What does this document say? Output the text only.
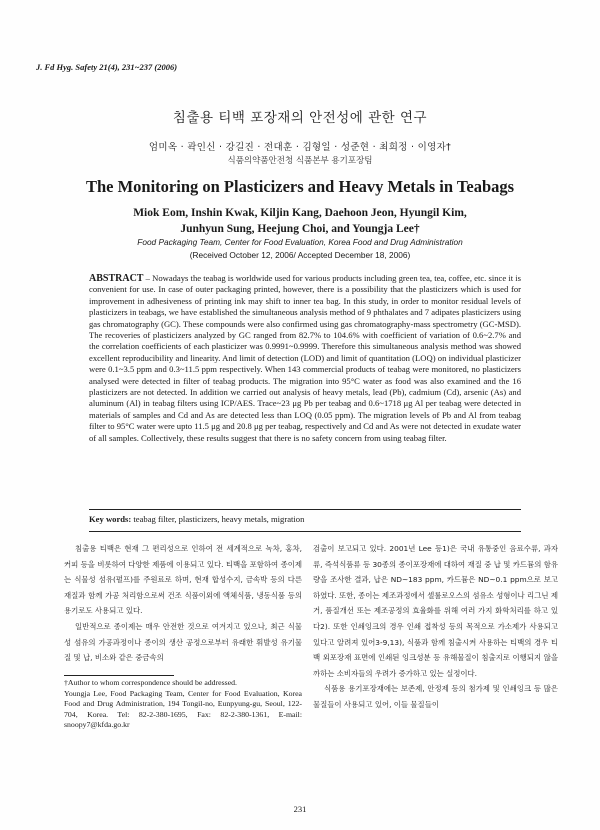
J. Fd Hyg. Safety 21(4), 231~237 (2006)
침출용 티백 포장재의 안전성에 관한 연구
엄미옥 · 곽인신 · 강길진 · 전대훈 · 김형일 · 성준현 · 최희정 · 이영자†
식품의약품안전청 식품본부 용기포장팀
The Monitoring on Plasticizers and Heavy Metals in Teabags
Miok Eom, Inshin Kwak, Kiljin Kang, Daehoon Jeon, Hyungil Kim,
Junhyun Sung, Heejung Choi, and Youngja Lee†
Food Packaging Team, Center for Food Evaluation, Korea Food and Drug Administration
(Received October 12, 2006/ Accepted December 18, 2006)
ABSTRACT – Nowadays the teabag is worldwide used for various products including green tea, tea, coffee, etc. since it is convenient for use. In case of outer packaging printed, however, there is a possibility that the plasticizers which is used for improvement in adhesiveness of printing ink may shift to inner tea bag. In this study, in order to monitor residual levels of plasticizers in teabags, we have established the simultaneous analysis method of 9 phthalates and 7 adipates plasticizers using gas chromatography (GC). These compounds were also confirmed using gas chromatography-mass spectrometry (GC-MSD). The recoveries of plasticizers analyzed by GC ranged from 82.7% to 104.6% with coefficient of variation of 0.6~2.7% and the correlation coefficients of each plasticizer was 0.9991~0.9999. Therefore this simultaneous analysis method was showed excellent reproducibility and linearity. And limit of detection (LOD) and limit of quantitation (LOQ) on individual plasticizer were 0.1~3.5 ppm and 0.3~11.5 ppm respectively. When 143 commercial products of teabag were monitored, no plasticizers analysed were detected in filter of teabag products. The migration into 95°C water as food was also examined and the 16 plasticizers are not detected. In addition we carried out analysis of heavy metals, lead (Pb), cadmium (Cd), arsenic (As) and aluminum (Al) in teabag filters using ICP/AES. Trace~23 μg Pb per teabag and 0.6~1718 μg Al per teabag were detected in materials of samples and Cd and As are detected less than LOQ (0.05 ppm). The migration levels of Pb and Al from teabag filter to 95°C water were upto 11.5 μg and 20.8 μg per teabag, respectively and Cd and As were not detected in exudate water of all samples. Collectively, these results suggest that there is no safety concern from using teabag filter.
Key words: teabag filter, plasticizers, heavy metals, migration

침출용 티백은 현재 그 편리성으로 인하여 전 세계적으로 녹차, 홍차, 커피 등을 비롯하여 다양한 제품에 이용되고 있다. 티백을 포함하여 종이제는 식물성 섬유(펄프)를 주원료로 하며, 현재 합성수지, 금속박 등의 다른 재질과 함께 가공 처리함으로써 건조 식품이외에 액체식품, 냉동식품 등의 용기로도 사용되고 있다.

일반적으로 종이제는 매우 안전한 것으로 여겨지고 있으나, 최근 식물성 섬유의 가공과정이나 종이의 생산 공정으로부터 유래한 휘발성 유기물질 및 납, 비소와 같은 중금속의

검출이 보고되고 있다. 2001년 Lee 등1)은 국내 유통중인 음료수류, 과자류, 즉석식품류 등 30종의 종이포장재에 대하여 재질 중 납 및 카드뮴의 함유량을 조사한 결과, 납은 ND~183 ppm, 카드뮴은 ND~0.1 ppm으로 보고하였다. 또한, 종이는 제조과정에서 셀룰로오스의 섬유소 성형이나 리그닌 제거, 품질개선 또는 제조공정의 효율화를 위해 여러 가지 화학처리를 하고 있다2). 또한 인쇄잉크의 경우 인쇄 접착성 등의 목적으로 가소제가 사용되고 있다고 알려져 있어3-9,13), 식품과 함께 침출시켜 사용하는 티백의 경우 티백 외포장재 표면에 인쇄된 잉크성분 등 유해물질이 침출지로 이행되지 않을까하는 소비자들의 우려가 증가하고 있는 실정이다.

식품용 용기포장재에는 보존제, 안정제 등의 첨가제 및 인쇄잉크 등 많은 물질들이 사용되고 있어, 이들 물질들이

†Author to whom correspondence should be addressed.
Youngja Lee, Food Packaging Team, Center for Food Evaluation, Korea Food and Drug Administration, 194 Tongil-no, Eunpyung-gu, Seoul, 122-704, Korea. Tel: 82-2-380-1695, Fax: 82-2-380-1361, E-mail: snoopy7@kfda.go.kr
231
